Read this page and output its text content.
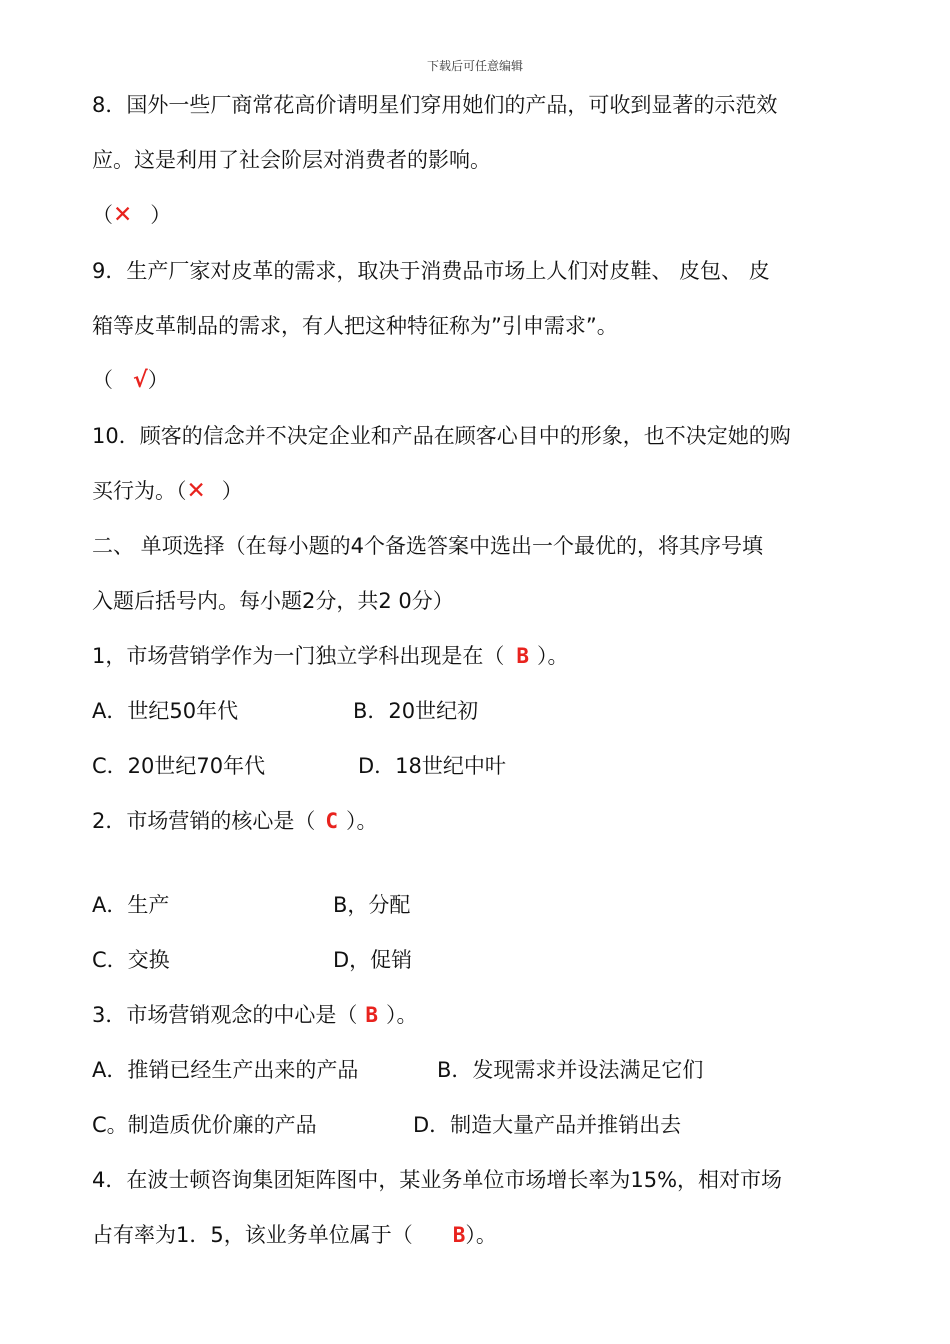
下载后可任意编辑
8．国外一些厂商常花高价请明星们穿用她们的产品，可收到显著的示范效
应。这是利用了社会阶层对消费者的影响。
（✕ ）
9．生产厂家对皮革的需求，取决于消费品市场上人们对皮鞋、 皮包、 皮
箱等皮革制品的需求，有人把这种特征称为”引申需求”。
（ √）
10．顾客的信念并不决定企业和产品在顾客心目中的形象，也不决定她的购
买行为。（✕ ）
二、 单项选择（在每小题的4个备选答案中选出一个最优的，将其序号填
入题后括号内。每小题2分，共2 0分）
1，市场营销学作为一门独立学科出现是在（ B ）。
A．世纪50年代	B．20世纪初
C．20世纪70年代	D．18世纪中叶
2．市场营销的核心是（ C ）。
A．生产	B，分配
C．交换	D，促销
3．市场营销观念的中心是（ B ）。
A．推销已经生产出来的产品	B．发现需求并设法满足它们
C。制造质优价廉的产品	D．制造大量产品并推销出去
4．在波士顿咨询集团矩阵图中，某业务单位市场增长率为15%，相对市场
占有率为1．5，该业务单位属于（ B）。
